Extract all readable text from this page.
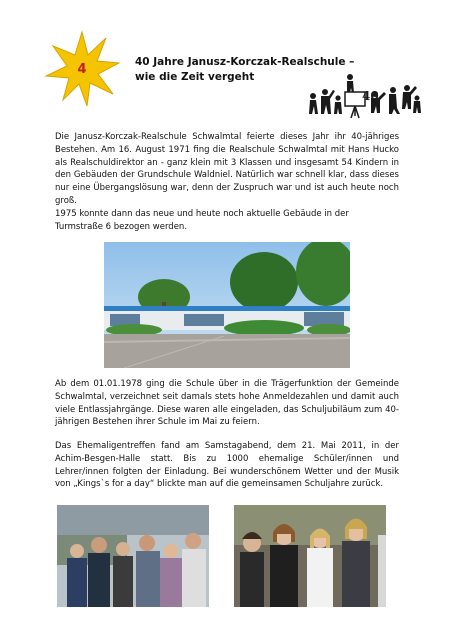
4	40 Jahre Janusz-Korczak-Realschule –
wie die Zeit vergeht
40
Die Janusz-Korczak-Realschule Schwalmtal feierte dieses Jahr ihr 40-jähriges Bestehen. Am 16. August 1971 fing die Realschule Schwalmtal mit Hans Hucko als Realschuldirektor an - ganz klein mit 3 Klassen und insgesamt 54 Kindern in den Gebäuden der Grundschule Waldniel. Natürlich war schnell klar, dass dieses nur eine Übergangslösung war, denn der Zuspruch war und ist auch heute noch groß.
1975 konnte dann das neue und heute noch aktuelle Gebäude in der Turmstraße 6 bezogen werden.
Ab dem 01.01.1978 ging die Schule über in die Trägerfunktion der Gemeinde Schwalmtal, verzeichnet seit damals stets hohe Anmeldezahlen und damit auch viele Entlassjahrgänge. Diese waren alle eingeladen, das Schuljubiläum zum 40-jährigen Bestehen ihrer Schule im Mai zu feiern.
Das Ehemaligentreffen fand am Samstagabend, dem 21. Mai 2011, in der Achim-Besgen-Halle statt. Bis zu 1000 ehemalige Schüler/innen und Lehrer/innen folgten der Einladung. Bei wunderschönem Wetter und der Musik von „Kings`s for a day“ blickte man auf die gemeinsamen Schuljahre zurück.
